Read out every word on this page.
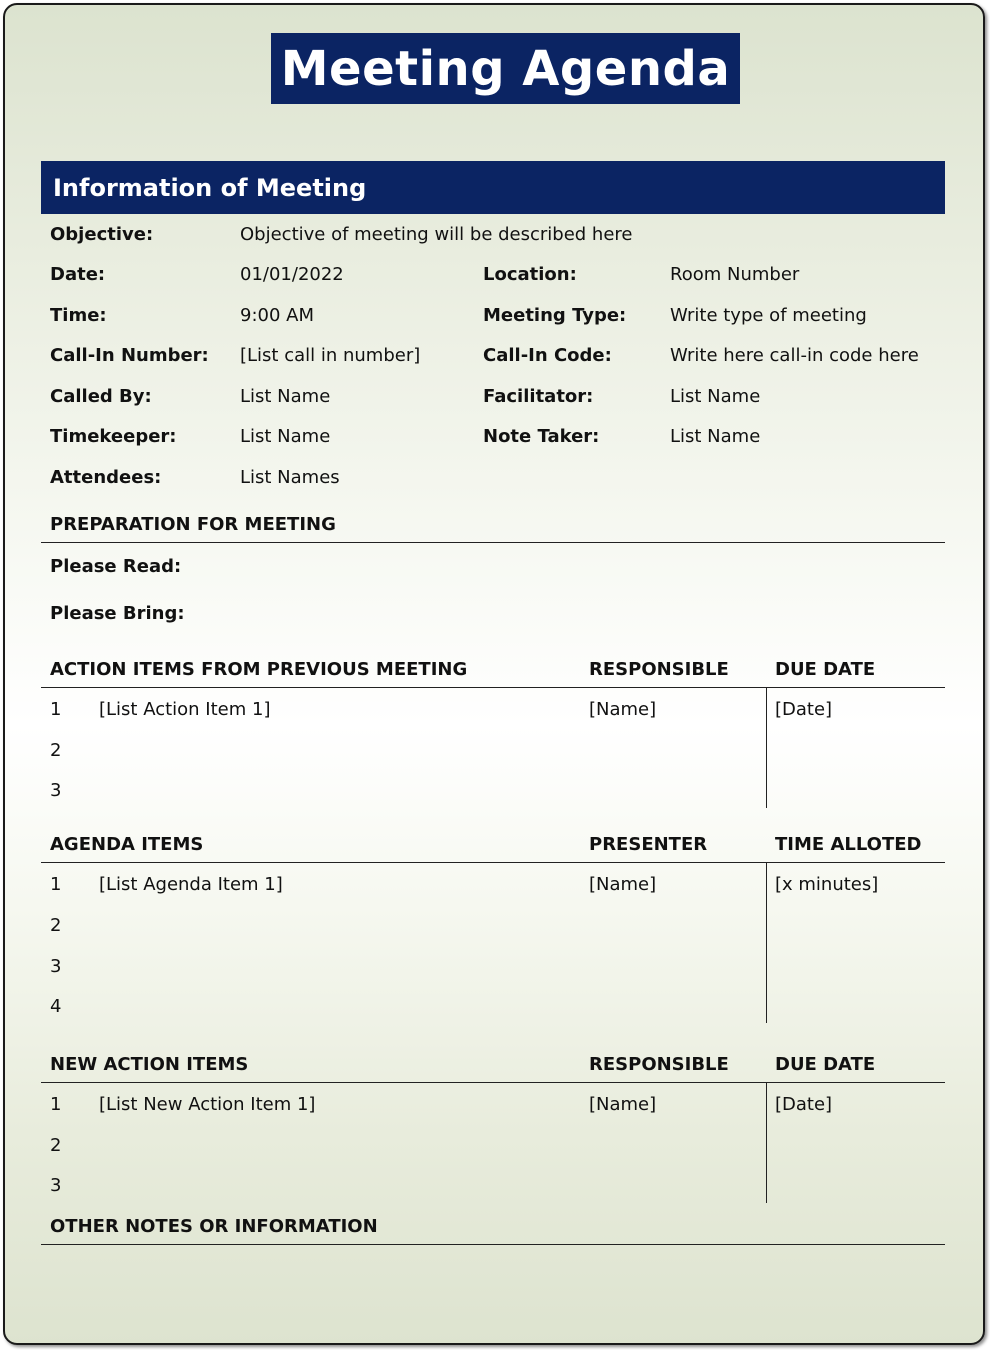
Meeting Agenda
Information of Meeting
Objective:	Objective of meeting will be described here
Date:	01/01/2022	Location:	Room Number
Time:	9:00 AM	Meeting Type: Write type of meeting
Call-In Number: [List call in number]	Call-In Code:	Write here call-in code here
Called By:	List Name	Facilitator:	List Name
Timekeeper:	List Name	Note Taker:	List Name
Attendees:	List Names
PREPARATION FOR MEETING
Please Read:
Please Bring:
ACTION ITEMS FROM PREVIOUS MEETING	RESPONSIBLE	DUE DATE
1 [List Action Item 1]	[Name]	[Date]
2
3
AGENDA ITEMS	PRESENTER	TIME ALLOTED
1 [List Agenda Item 1]	[Name]	[x minutes]
2
3
4
NEW ACTION ITEMS	RESPONSIBLE	DUE DATE
1 [List New Action Item 1]	[Name]	[Date]
2
3
OTHER NOTES OR INFORMATION
